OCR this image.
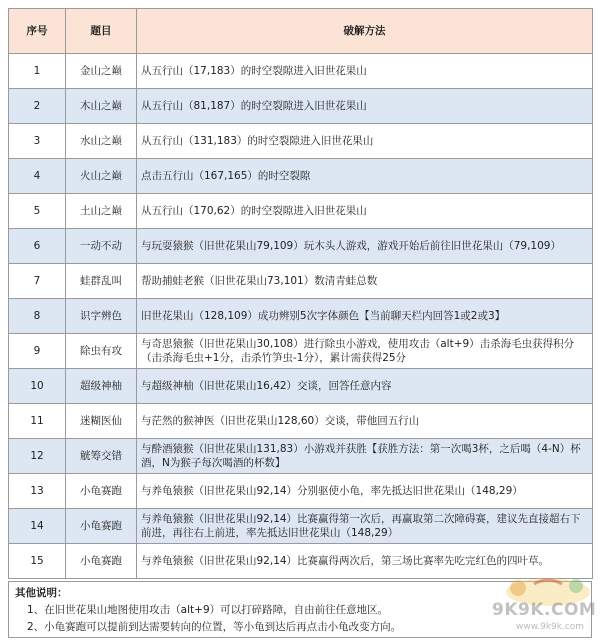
序号	题目	破解方法
1	金山之巅	从五行山（17,183）的时空裂隙进入旧世花果山
2	木山之巅	从五行山（81,187）的时空裂隙进入旧世花果山
3	水山之巅	从五行山（131,183）的时空裂隙进入旧世花果山
4	火山之巅	点击五行山（167,165）的时空裂隙
5	土山之巅	从五行山（170,62）的时空裂隙进入旧世花果山
6	一动不动	与玩耍猿猴（旧世花果山79,109）玩木头人游戏，游戏开始后前往旧世花果山（79,109）
7	蛙群乱叫	帮助捕蛙老猴（旧世花果山73,101）数清青蛙总数
8	识字辨色	旧世花果山（128,109）成功辨别5次字体颜色【当前聊天栏内回答1或2或3】
9	除虫有攻	与奇思猿猴（旧世花果山30,108）进行除虫小游戏，使用攻击（alt+9）击杀海毛虫获得积分（击杀海毛虫+1分，击杀竹笋虫-1分），累计需获得25分
10	超级神柚	与超级神柚（旧世花果山16,42）交谈，回答任意内容
11	迷糊医仙	与茫然的猴神医（旧世花果山128,60）交谈，带他回五行山
12	觥筹交错	与酔酒猿猴（旧世花果山131,83）小游戏并获胜【获胜方法：第一次喝3杯，之后喝（4-N）杯酒，N为猴子每次喝酒的杯数】
13	小龟赛跑	与养龟猿猴（旧世花果山92,14）分别驱使小龟，率先抵达旧世花果山（148,29）
14	小龟赛跑	与养龟猿猴（旧世花果山92,14）比赛赢得第一次后，再赢取第二次障碍赛，建议先直接超右下前进，再往右上前进，率先抵达旧世花果山（148,29）
15	小龟赛跑	与养龟猿猴（旧世花果山92,14）比赛赢得两次后，第三场比赛率先吃完红色的四叶草。
其他说明：
1、在旧世花果山地图使用攻击（alt+9）可以打碎路障，自由前往任意地区。
2、小龟赛跑可以提前到达需要转向的位置，等小龟到达后再点击小龟改变方向。
9K9K.COM
www.9k9k.com
